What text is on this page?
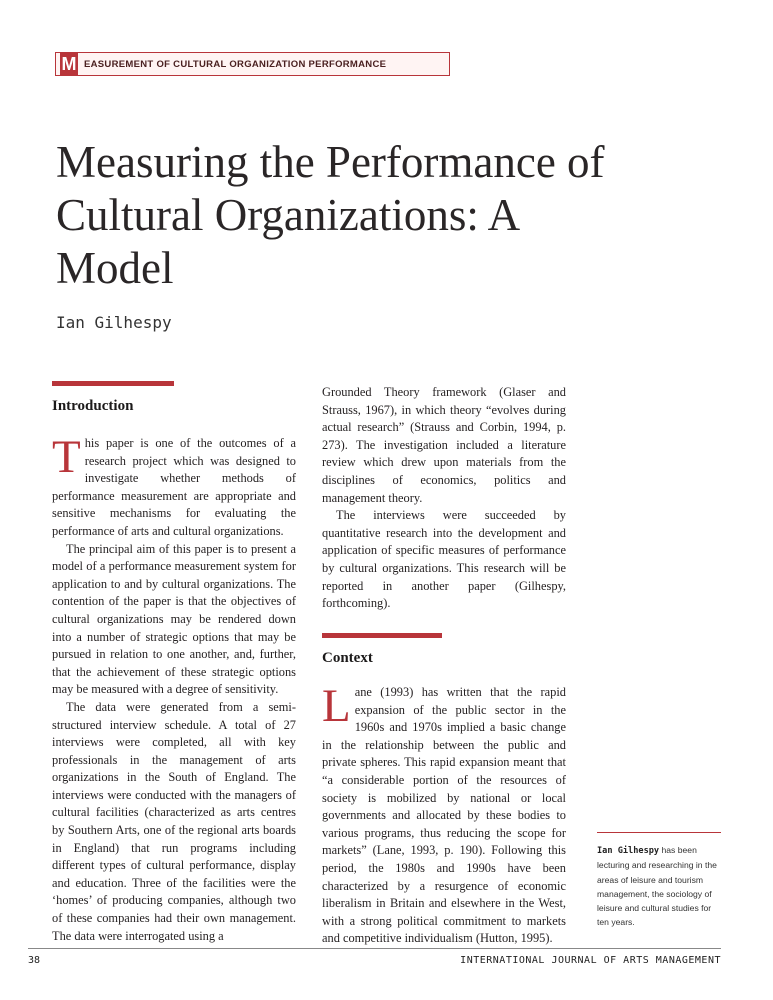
M EASUREMENT OF CULTURAL ORGANIZATION PERFORMANCE
Measuring the Performance of Cultural Organizations: A Model
Ian Gilhespy
Introduction

This paper is one of the outcomes of a research project which was designed to investigate whether methods of performance measurement are appropriate and sensitive mechanisms for evaluating the performance of arts and cultural organizations.

The principal aim of this paper is to present a model of a performance measurement system for application to and by cultural organizations. The contention of the paper is that the objectives of cultural organizations may be rendered down into a number of strategic options that may be pursued in relation to one another, and, further, that the achievement of these strategic options may be measured with a degree of sensitivity.

The data were generated from a semi-structured interview schedule. A total of 27 interviews were completed, all with key professionals in the management of arts organizations in the South of England. The interviews were conducted with the managers of cultural facilities (characterized as arts centres by Southern Arts, one of the regional arts boards in England) that run programs including different types of cultural performance, display and education. Three of the facilities were the ‘homes’ of producing companies, although two of these companies had their own management. The data were interrogated using a

Grounded Theory framework (Glaser and Strauss, 1967), in which theory “evolves during actual research” (Strauss and Corbin, 1994, p. 273). The investigation included a literature review which drew upon materials from the disciplines of economics, politics and management theory.

The interviews were succeeded by quantitative research into the development and application of specific measures of performance by cultural organizations. This research will be reported in another paper (Gilhespy, forthcoming).

Context

Lane (1993) has written that the rapid expansion of the public sector in the 1960s and 1970s implied a basic change in the relationship between the public and private spheres. This rapid expansion meant that “a considerable portion of the resources of society is mobilized by national or local governments and allocated by these bodies to various programs, thus reducing the scope for markets” (Lane, 1993, p. 190). Following this period, the 1980s and 1990s have been characterized by a resurgence of economic liberalism in Britain and elsewhere in the West, with a strong political commitment to markets and competitive individualism (Hutton, 1995).

Ian Gilhespy has been lecturing and researching in the areas of leisure and tourism management, the sociology of leisure and cultural studies for ten years.
38	INTERNATIONAL JOURNAL OF ARTS MANAGEMENT
